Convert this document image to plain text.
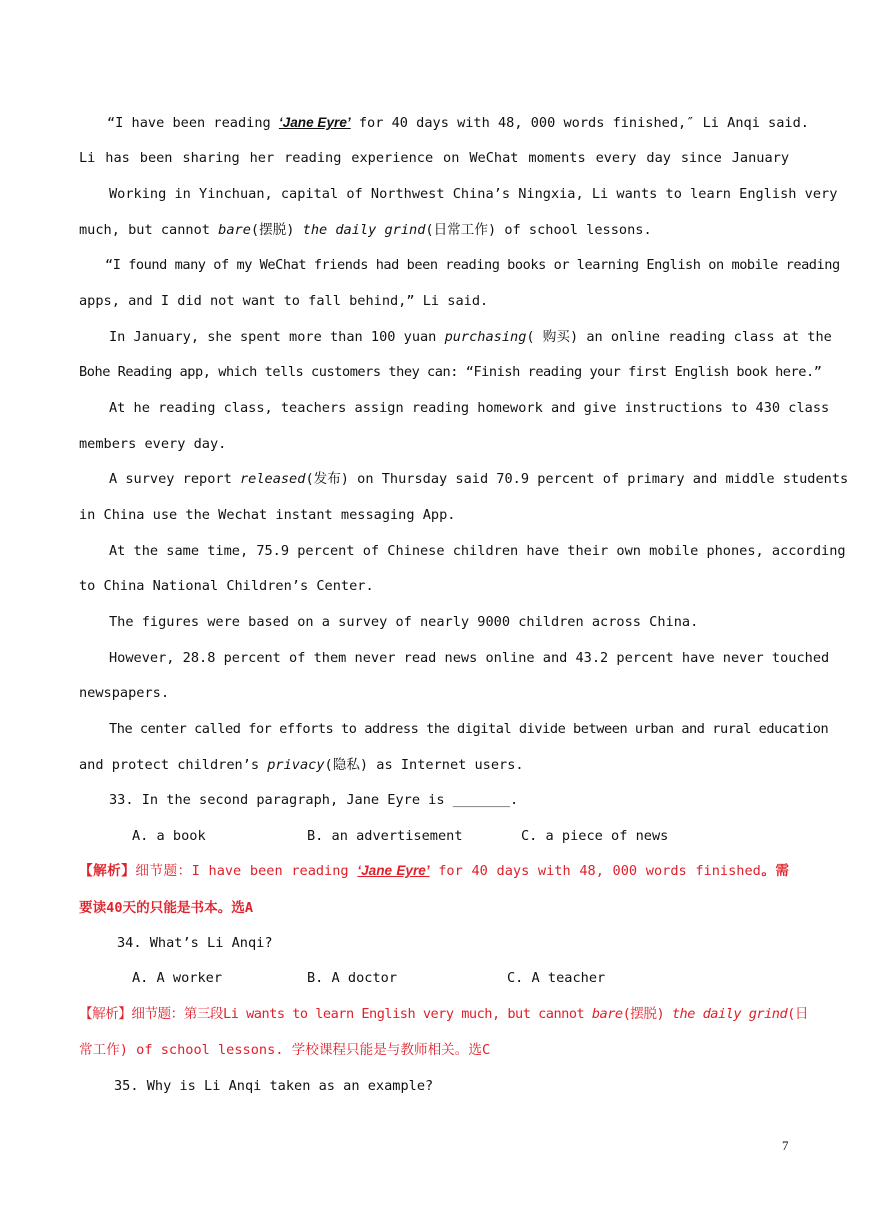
“I have been reading ‘Jane Eyre’ for 40 days with 48, 000 words finished,″ Li Anqi said.
Li has been sharing her reading experience on WeChat moments every day since January
Working in Yinchuan, capital of Northwest China’s Ningxia, Li wants to learn English very
much, but cannot bare(摆脱) the daily grind(日常工作) of school lessons.
“I found many of my WeChat friends had been reading books or learning English on mobile reading
apps, and I did not want to fall behind,” Li said.
In January, she spent more than 100 yuan purchasing( 购买) an online reading class at the
Bohe Reading app, which tells customers they can: “Finish reading your first English book here.”
At he reading class, teachers assign reading homework and give instructions to 430 class
members every day.
A survey report released(发布) on Thursday said 70.9 percent of primary and middle students
in China use the Wechat instant messaging App.
At the same time, 75.9 percent of Chinese children have their own mobile phones, according
to China National Children’s Center.
The figures were based on a survey of nearly 9000 children across China.
However, 28.8 percent of them never read news online and 43.2 percent have never touched
newspapers.
The center called for efforts to address the digital divide between urban and rural education
and protect children’s privacy(隐私) as Internet users.
33. In the second paragraph, Jane Eyre is _______.
A. a book	B. an advertisement	C. a piece of news
【解析】细节题：I have been reading ‘Jane Eyre’ for 40 days with 48, 000 words finished。需
要读40天的只能是书本。选A
34. What’s Li Anqi?
A. A worker	B. A doctor	C. A teacher
【解析】细节题：第三段Li wants to learn English very much, but cannot bare(摆脱) the daily grind(日
常工作) of school lessons. 学校课程只能是与教师相关。选C
35. Why is Li Anqi taken as an example?
7
